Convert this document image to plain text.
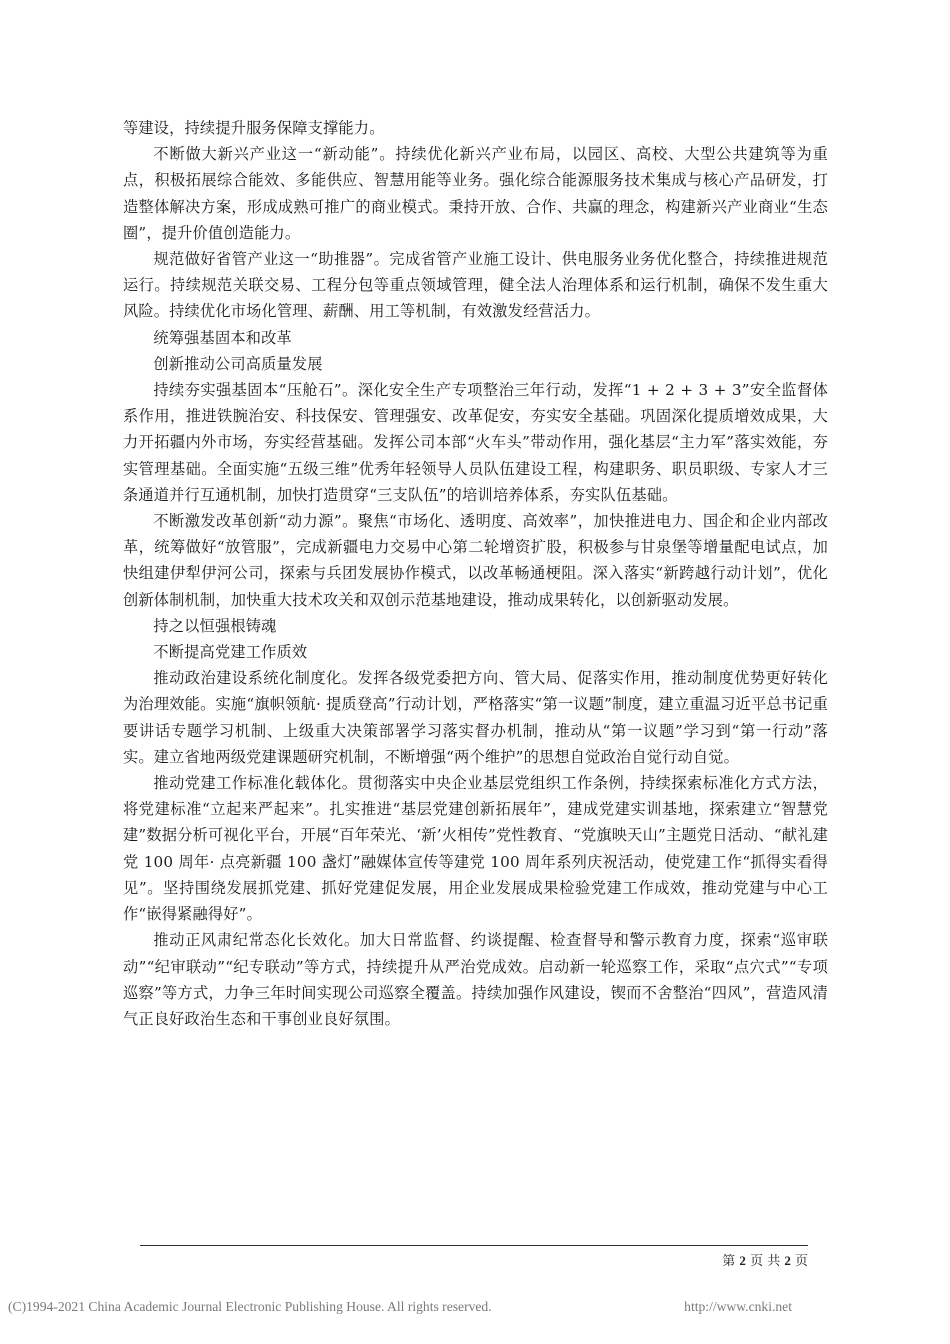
等建设，持续提升服务保障支撑能力。

不断做大新兴产业这一“新动能”。持续优化新兴产业布局，以园区、高校、大型公共建筑等为重点，积极拓展综合能效、多能供应、智慧用能等业务。强化综合能源服务技术集成与核心产品研发，打造整体解决方案，形成成熟可推广的商业模式。秉持开放、合作、共赢的理念，构建新兴产业商业“生态圈”，提升价值创造能力。

规范做好省管产业这一“助推器”。完成省管产业施工设计、供电服务业务优化整合，持续推进规范运行。持续规范关联交易、工程分包等重点领域管理，健全法人治理体系和运行机制，确保不发生重大风险。持续优化市场化管理、薪酬、用工等机制，有效激发经营活力。

统筹强基固本和改革

创新推动公司高质量发展

持续夯实强基固本“压舱石”。深化安全生产专项整治三年行动，发挥“1 + 2 + 3 + 3”安全监督体系作用，推进铁腕治安、科技保安、管理强安、改革促安，夯实安全基础。巩固深化提质增效成果，大力开拓疆内外市场，夯实经营基础。发挥公司本部“火车头”带动作用，强化基层“主力军”落实效能，夯实管理基础。全面实施“五级三维”优秀年轻领导人员队伍建设工程，构建职务、职员职级、专家人才三条通道并行互通机制，加快打造贯穿“三支队伍”的培训培养体系，夯实队伍基础。

不断激发改革创新“动力源”。聚焦“市场化、透明度、高效率”，加快推进电力、国企和企业内部改革，统筹做好“放管服”，完成新疆电力交易中心第二轮增资扩股，积极参与甘泉堡等增量配电试点，加快组建伊犁伊河公司，探索与兵团发展协作模式，以改革畅通梗阻。深入落实“新跨越行动计划”，优化创新体制机制，加快重大技术攻关和双创示范基地建设，推动成果转化，以创新驱动发展。

持之以恒强根铸魂

不断提高党建工作质效

推动政治建设系统化制度化。发挥各级党委把方向、管大局、促落实作用，推动制度优势更好转化为治理效能。实施“旗帜领航· 提质登高”行动计划，严格落实“第一议题”制度，建立重温习近平总书记重要讲话专题学习机制、上级重大决策部署学习落实督办机制，推动从“第一议题”学习到“第一行动”落实。建立省地两级党建课题研究机制，不断增强“两个维护”的思想自觉政治自觉行动自觉。

推动党建工作标准化载体化。贯彻落实中央企业基层党组织工作条例，持续探索标准化方式方法，将党建标准“立起来严起来”。扎实推进“基层党建创新拓展年”，建成党建实训基地，探索建立“智慧党建”数据分析可视化平台，开展“百年荣光、‘新’火相传”党性教育、“党旗映天山”主题党日活动、“献礼建党 100 周年· 点亮新疆 100 盏灯”融媒体宣传等建党 100 周年系列庆祝活动，使党建工作“抓得实看得见”。坚持围绕发展抓党建、抓好党建促发展，用企业发展成果检验党建工作成效，推动党建与中心工作“嵌得紧融得好”。

推动正风肃纪常态化长效化。加大日常监督、约谈提醒、检查督导和警示教育力度，探索“巡审联动”“纪审联动”“纪专联动”等方式，持续提升从严治党成效。启动新一轮巡察工作，采取“点穴式”“专项巡察”等方式，力争三年时间实现公司巡察全覆盖。持续加强作风建设，锲而不舍整治“四风”，营造风清气正良好政治生态和干事创业良好氛围。

第 2 页 共 2 页
(C)1994-2021 China Academic Journal Electronic Publishing House. All rights reserved.	http://www.cnki.net
